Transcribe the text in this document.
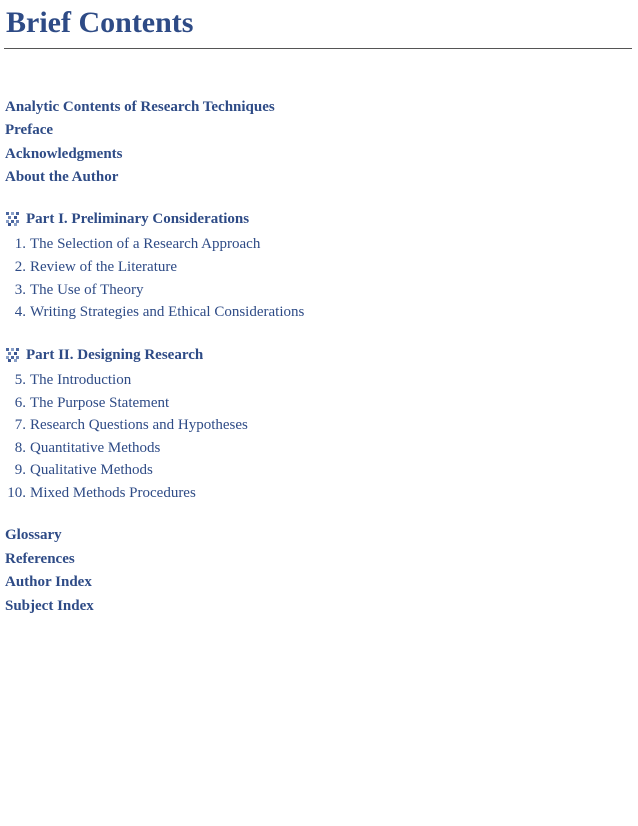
Brief Contents
Analytic Contents of Research Techniques
Preface
Acknowledgments
About the Author
Part I. Preliminary Considerations
1. The Selection of a Research Approach
2. Review of the Literature
3. The Use of Theory
4. Writing Strategies and Ethical Considerations
Part II. Designing Research
5. The Introduction
6. The Purpose Statement
7. Research Questions and Hypotheses
8. Quantitative Methods
9. Qualitative Methods
10. Mixed Methods Procedures
Glossary
References
Author Index
Subject Index
